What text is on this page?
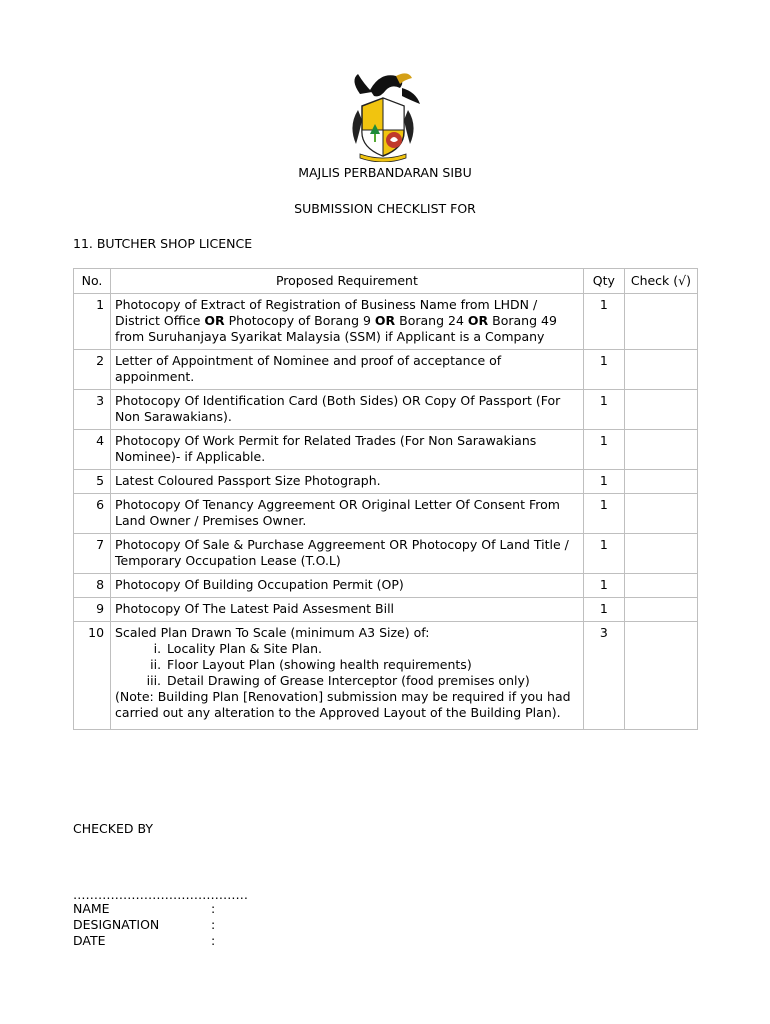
MAJLIS PERBANDARAN SIBU
SUBMISSION CHECKLIST FOR
11. BUTCHER SHOP LICENCE
No.	Proposed Requirement	Qty	Check (√)
1	Photocopy of Extract of Registration of Business Name from LHDN / District Office OR Photocopy of Borang 9 OR Borang 24 OR Borang 49 from Suruhanjaya Syarikat Malaysia (SSM) if Applicant is a Company	1	
2	Letter of Appointment of Nominee and proof of acceptance of appoinment.	1	
3	Photocopy Of Identification Card (Both Sides) OR Copy Of Passport (For Non Sarawakians).	1	
4	Photocopy Of Work Permit for Related Trades (For Non Sarawakians Nominee)- if Applicable.	1	
5	Latest Coloured Passport Size Photograph.	1	
6	Photocopy Of Tenancy Aggreement OR Original Letter Of Consent From Land Owner / Premises Owner.	1	
7	Photocopy Of Sale & Purchase Aggreement OR Photocopy Of Land Title / Temporary Occupation Lease (T.O.L)	1	
8	Photocopy Of Building Occupation Permit (OP)	1	
9	Photocopy Of The Latest Paid Assesment Bill	1	
10	Scaled Plan Drawn To Scale (minimum A3 Size) of:
i. Locality Plan & Site Plan.
ii. Floor Layout Plan (showing health requirements)
iii. Detail Drawing of Grease Interceptor (food premises only)
(Note: Building Plan [Renovation] submission may be required if you had carried out any alteration to the Approved Layout of the Building Plan).	3	
CHECKED BY
……………………………………
NAME	:
DESIGNATION	:
DATE	:
